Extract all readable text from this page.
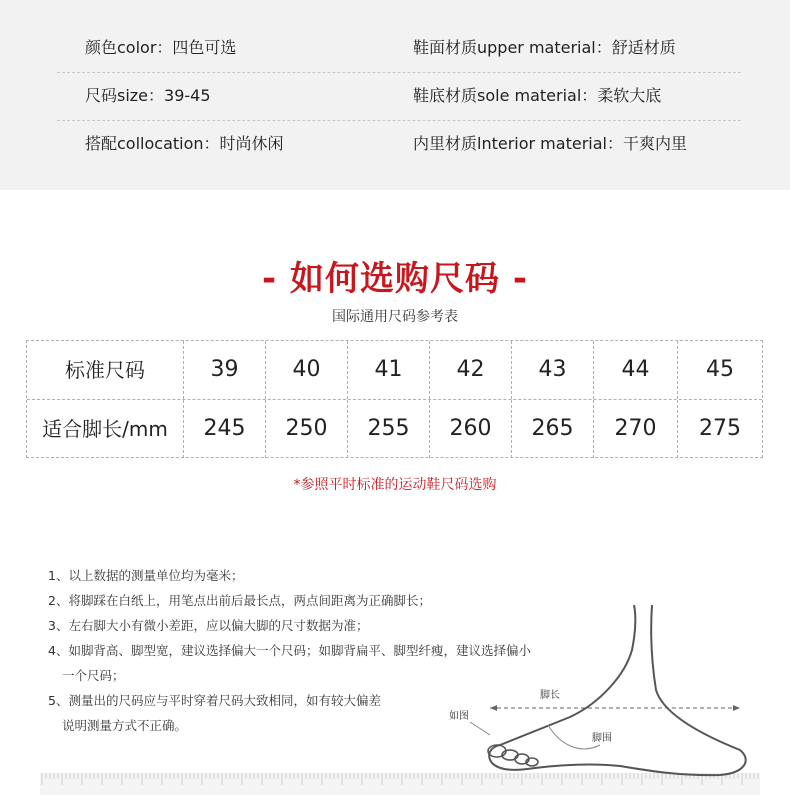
颜色color：四色可选	鞋面材质upper material：舒适材质
尺码size：39-45	鞋底材质sole material：柔软大底
搭配collocation：时尚休闲	内里材质lnterior material：干爽内里
- 如何选购尺码 -
国际通用尺码参考表
标准尺码	39	40	41	42	43	44	45
适合脚长/mm	245	250	255	260	265	270	275
*参照平时标准的运动鞋尺码选购
脚长
脚围
如图
1、以上数据的测量单位均为毫米；
2、将脚踩在白纸上，用笔点出前后最长点，两点间距离为正确脚长；
3、左右脚大小有微小差距，应以偏大脚的尺寸数据为准；
4、如脚背高、脚型宽，建议选择偏大一个尺码；如脚背扁平、脚型纤瘦，建议选择偏小
一个尺码；
5、测量出的尺码应与平时穿着尺码大致相同，如有较大偏差
说明测量方式不正确。
